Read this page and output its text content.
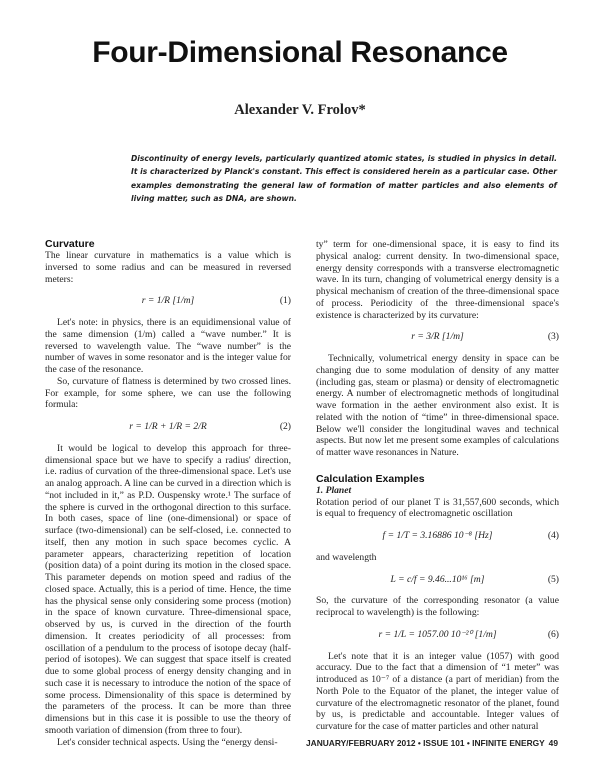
Four-Dimensional Resonance
Alexander V. Frolov*
Discontinuity of energy levels, particularly quantized atomic states, is studied in physics in detail. It is characterized by Planck's constant. This effect is considered herein as a particular case. Other examples demonstrating the general law of formation of matter particles and also elements of living matter, such as DNA, are shown.
Curvature

The linear curvature in mathematics is a value which is inversed to some radius and can be measured in reversed meters:

r = 1/R [1/m]	(1)

Let's note: in physics, there is an equidimensional value of the same dimension (1/m) called a “wave number.” It is reversed to wavelength value. The “wave number” is the number of waves in some resonator and is the integer value for the case of the resonance.

So, curvature of flatness is determined by two crossed lines. For example, for some sphere, we can use the following formula:

r = 1/R + 1/R = 2/R	(2)

It would be logical to develop this approach for three-dimensional space but we have to specify a radius' direction, i.e. radius of curvation of the three-dimensional space. Let's use an analog approach. A line can be curved in a direction which is “not included in it,” as P.D. Ouspensky wrote.¹ The surface of the sphere is curved in the orthogonal direction to this surface. In both cases, space of line (one-dimensional) or space of surface (two-dimensional) can be self-closed, i.e. connected to itself, then any motion in such space becomes cyclic. A parameter appears, characterizing repetition of location (position data) of a point during its motion in the closed space. This parameter depends on motion speed and radius of the closed space. Actually, this is a period of time. Hence, the time has the physical sense only considering some process (motion) in the space of known curvature. Three-dimensional space, observed by us, is curved in the direction of the fourth dimension. It creates periodicity of all processes: from oscillation of a pendulum to the process of isotope decay (half-period of isotopes). We can suggest that space itself is created due to some global process of energy density changing and in such case it is necessary to introduce the notion of the space of some process. Dimensionality of this space is determined by the parameters of the process. It can be more than three dimensions but in this case it is possible to use the theory of smooth variation of dimension (from three to four).

Let's consider technical aspects. Using the “energy densi-

ty” term for one-dimensional space, it is easy to find its physical analog: current density. In two-dimensional space, energy density corresponds with a transverse electromagnetic wave. In its turn, changing of volumetrical energy density is a physical mechanism of creation of the three-dimensional space of process. Periodicity of the three-dimensional space's existence is characterized by its curvature:

r = 3/R [1/m]	(3)

Technically, volumetrical energy density in space can be changing due to some modulation of density of any matter (including gas, steam or plasma) or density of electromagnetic energy. A number of electromagnetic methods of longitudinal wave formation in the aether environment also exist. It is related with the notion of “time” in three-dimensional space. Below we'll consider the longitudinal waves and technical aspects. But now let me present some examples of calculations of matter wave resonances in Nature.

Calculation Examples
1. Planet

Rotation period of our planet T is 31,557,600 seconds, which is equal to frequency of electromagnetic oscillation

f = 1/T = 3.16886 10⁻⁸ [Hz]	(4)

and wavelength

L = c/f = 9.46...10¹⁶ [m]	(5)

So, the curvature of the corresponding resonator (a value reciprocal to wavelength) is the following:

r = 1/L = 1057.00 10⁻²⁰ [1/m]	(6)

Let's note that it is an integer value (1057) with good accuracy. Due to the fact that a dimension of “1 meter” was introduced as 10⁻⁷ of a distance (a part of meridian) from the North Pole to the Equator of the planet, the integer value of curvature of the electromagnetic resonator of the planet, found by us, is predictable and accountable. Integer values of curvature for the case of matter particles and other natural

JANUARY/FEBRUARY 2012 • ISSUE 101 • INFINITE ENERGY 49
